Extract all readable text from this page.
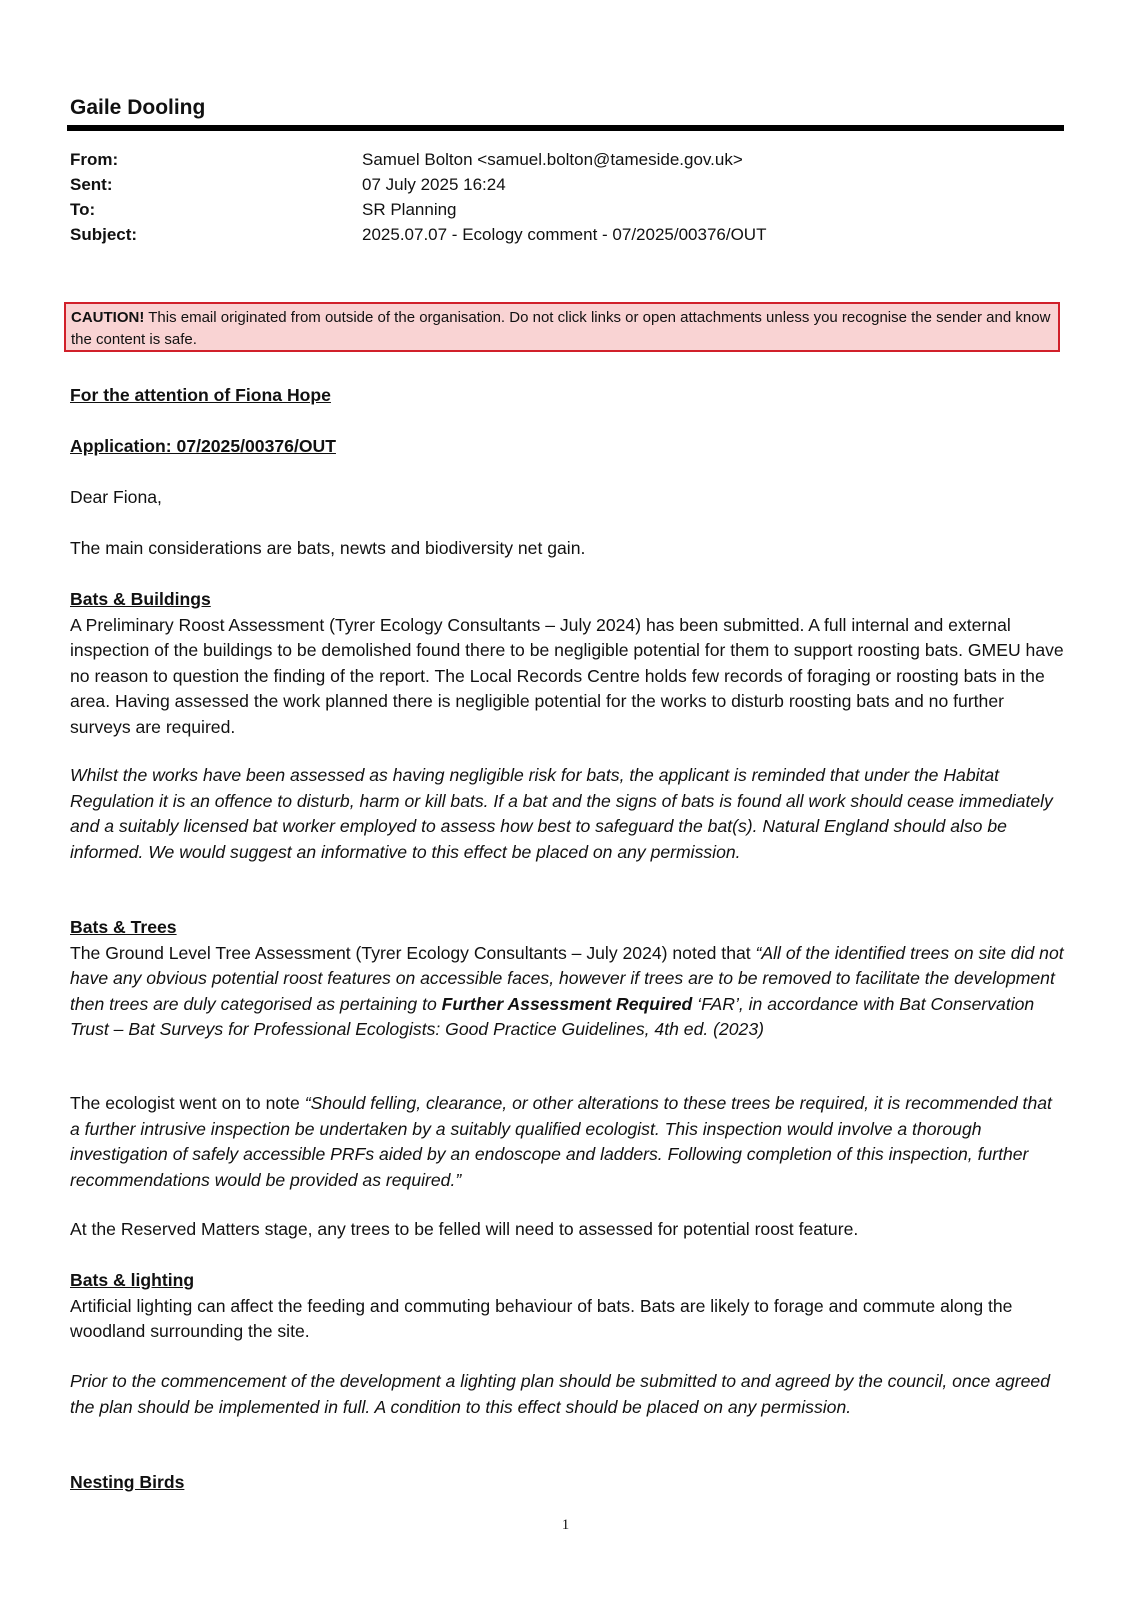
Gaile Dooling
From:	Samuel Bolton <samuel.bolton@tameside.gov.uk>
Sent:	07 July 2025 16:24
To:	SR Planning
Subject:	2025.07.07 - Ecology comment - 07/2025/00376/OUT
CAUTION! This email originated from outside of the organisation. Do not click links or open attachments unless you recognise the sender and know the content is safe.
For the attention of Fiona Hope
Application: 07/2025/00376/OUT
Dear Fiona,
The main considerations are bats, newts and biodiversity net gain.
Bats & Buildings
A Preliminary Roost Assessment (Tyrer Ecology Consultants – July 2024) has been submitted. A full internal and external inspection of the buildings to be demolished found there to be negligible potential for them to support roosting bats. GMEU have no reason to question the finding of the report. The Local Records Centre holds few records of foraging or roosting bats in the area. Having assessed the work planned there is negligible potential for the works to disturb roosting bats and no further surveys are required.
Whilst the works have been assessed as having negligible risk for bats, the applicant is reminded that under the Habitat Regulation it is an offence to disturb, harm or kill bats. If a bat and the signs of bats is found all work should cease immediately and a suitably licensed bat worker employed to assess how best to safeguard the bat(s). Natural England should also be informed. We would suggest an informative to this effect be placed on any permission.
Bats & Trees
The Ground Level Tree Assessment (Tyrer Ecology Consultants – July 2024) noted that “All of the identified trees on site did not have any obvious potential roost features on accessible faces, however if trees are to be removed to facilitate the development then trees are duly categorised as pertaining to Further Assessment Required ‘FAR’, in accordance with Bat Conservation Trust – Bat Surveys for Professional Ecologists: Good Practice Guidelines, 4th ed. (2023)
The ecologist went on to note “Should felling, clearance, or other alterations to these trees be required, it is recommended that a further intrusive inspection be undertaken by a suitably qualified ecologist. This inspection would involve a thorough investigation of safely accessible PRFs aided by an endoscope and ladders. Following completion of this inspection, further recommendations would be provided as required.”
At the Reserved Matters stage, any trees to be felled will need to assessed for potential roost feature.
Bats & lighting
Artificial lighting can affect the feeding and commuting behaviour of bats. Bats are likely to forage and commute along the woodland surrounding the site.
Prior to the commencement of the development a lighting plan should be submitted to and agreed by the council, once agreed the plan should be implemented in full. A condition to this effect should be placed on any permission.
Nesting Birds
1
